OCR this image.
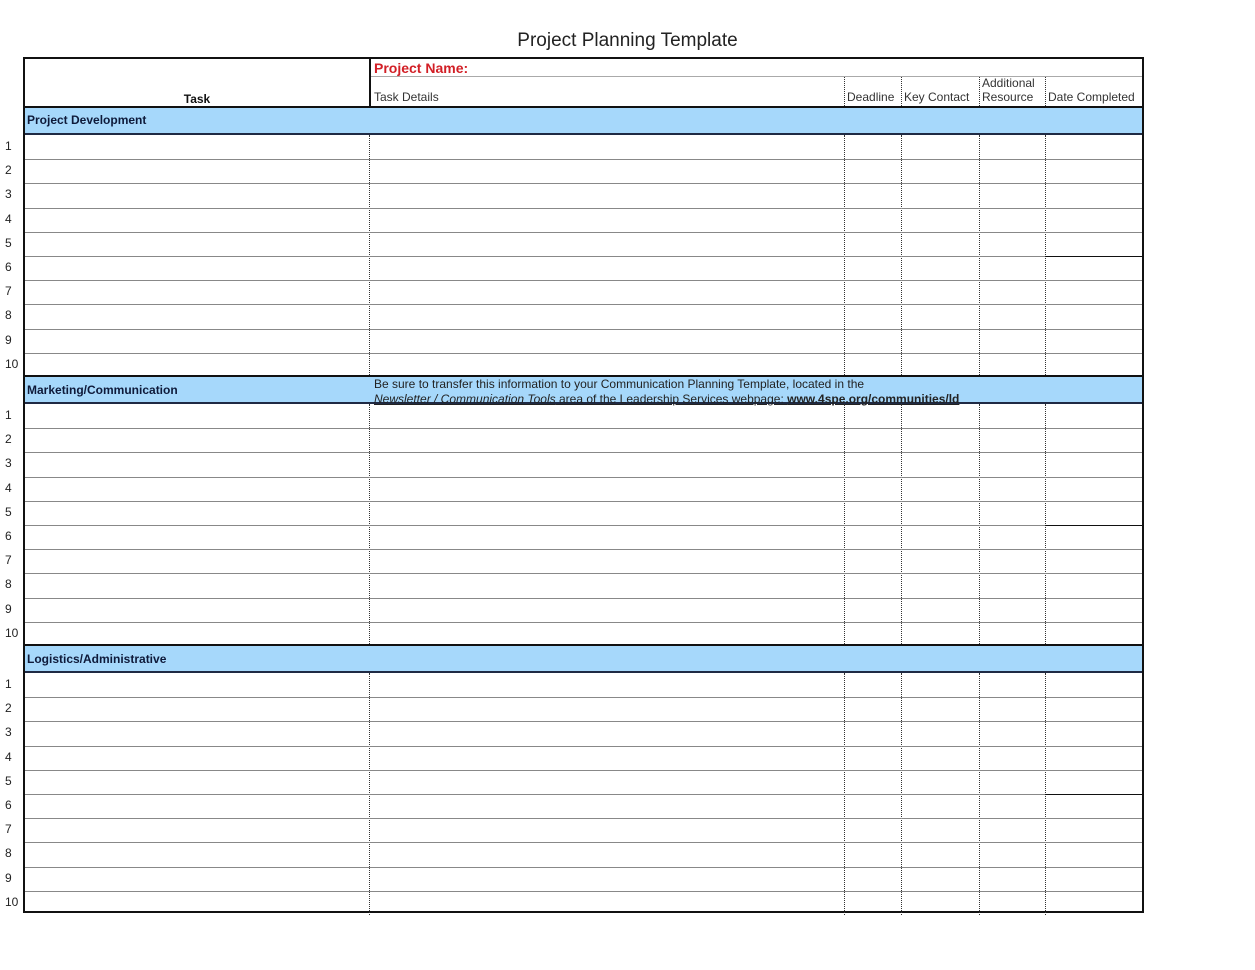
Project Planning Template
1
2
3
4
5
6
7
8
9
10
1
2
3
4
5
6
7
8
9
10
1
2
3
4
5
6
7
8
9
10
Task
Project Name:
Task Details	Deadline Key Contact
Additional
Resource Date Completed
Project Development
Marketing/Communication	Be sure to transfer this information to your Communication Planning Template, located in the
Newsletter / Communication Tools area of the Leadership Services webpage: www.4spe.org/communities/ld
Logistics/Administrative
